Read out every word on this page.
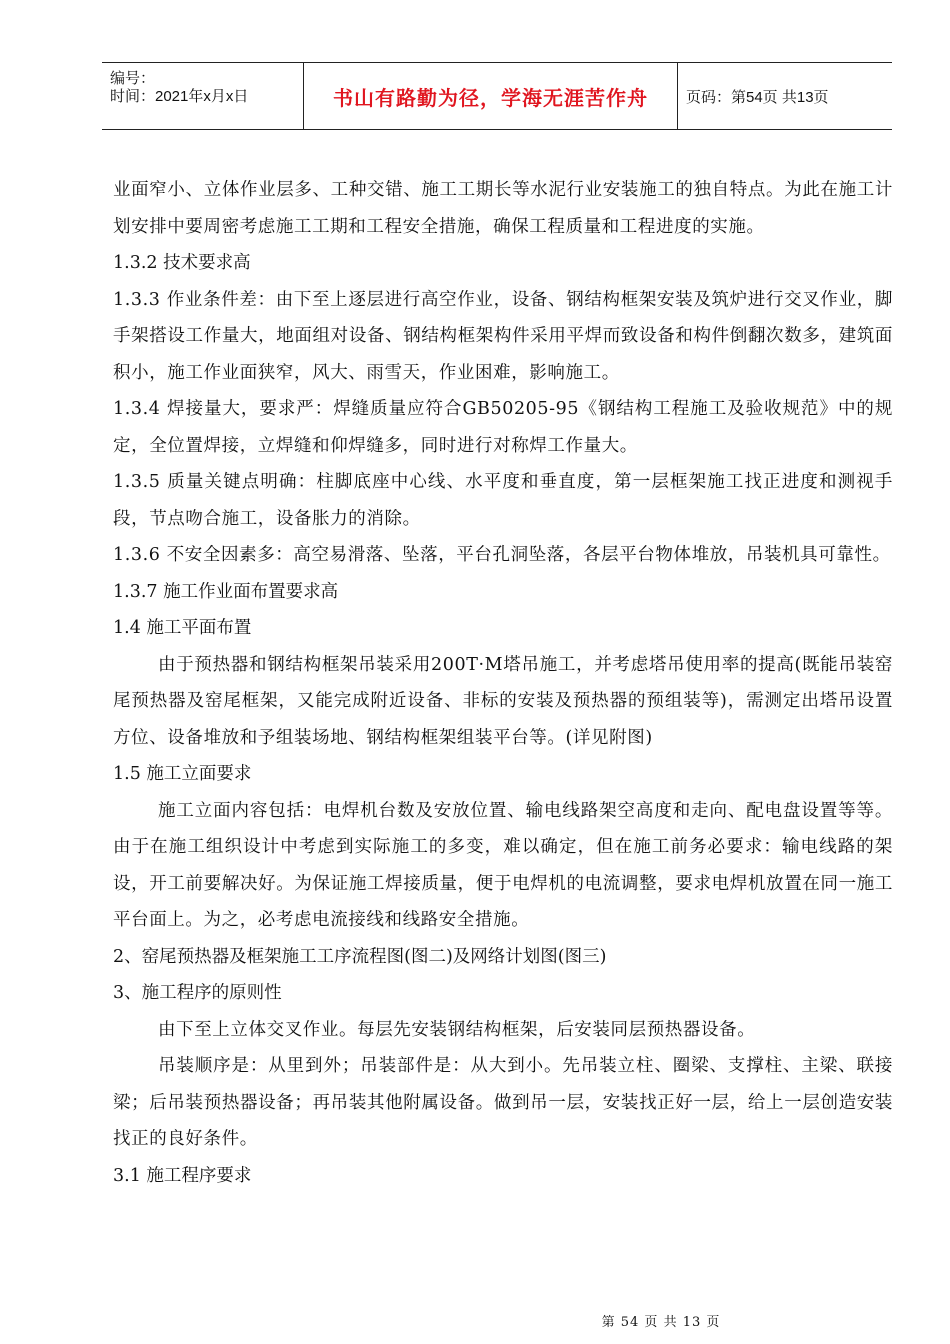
编号：
时间：2021年x月x日	书山有路勤为径，学海无涯苦作舟	页码：第54页 共13页

业面窄小、立体作业层多、工种交错、施工工期长等水泥行业安装施工的独自特点。为此在施工计划安排中要周密考虑施工工期和工程安全措施，确保工程质量和工程进度的实施。

1.3.2 技术要求高

1.3.3 作业条件差：由下至上逐层进行高空作业，设备、钢结构框架安装及筑炉进行交叉作业，脚手架搭设工作量大，地面组对设备、钢结构框架构件采用平焊而致设备和构件倒翻次数多，建筑面积小，施工作业面狭窄，风大、雨雪天，作业困难，影响施工。

1.3.4 焊接量大，要求严：焊缝质量应符合GB50205-95《钢结构工程施工及验收规范》中的规定，全位置焊接，立焊缝和仰焊缝多，同时进行对称焊工作量大。

1.3.5 质量关键点明确：柱脚底座中心线、水平度和垂直度，第一层框架施工找正进度和测视手段，节点吻合施工，设备胀力的消除。

1.3.6 不安全因素多：高空易滑落、坠落，平台孔洞坠落，各层平台物体堆放，吊装机具可靠性。

1.3.7 施工作业面布置要求高

1.4 施工平面布置

由于预热器和钢结构框架吊装采用200T·M塔吊施工，并考虑塔吊使用率的提高(既能吊装窑尾预热器及窑尾框架，又能完成附近设备、非标的安装及预热器的预组装等)，需测定出塔吊设置方位、设备堆放和予组装场地、钢结构框架组装平台等。(详见附图)

1.5 施工立面要求

施工立面内容包括：电焊机台数及安放位置、输电线路架空高度和走向、配电盘设置等等。由于在施工组织设计中考虑到实际施工的多变，难以确定，但在施工前务必要求：输电线路的架设，开工前要解决好。为保证施工焊接质量，便于电焊机的电流调整，要求电焊机放置在同一施工平台面上。为之，必考虑电流接线和线路安全措施。

2、窑尾预热器及框架施工工序流程图(图二)及网络计划图(图三)

3、施工程序的原则性

由下至上立体交叉作业。每层先安装钢结构框架，后安装同层预热器设备。

吊装顺序是：从里到外；吊装部件是：从大到小。先吊装立柱、圈梁、支撑柱、主梁、联接梁；后吊装预热器设备；再吊装其他附属设备。做到吊一层，安装找正好一层，给上一层创造安装找正的良好条件。

3.1 施工程序要求

第 54 页 共 13 页
